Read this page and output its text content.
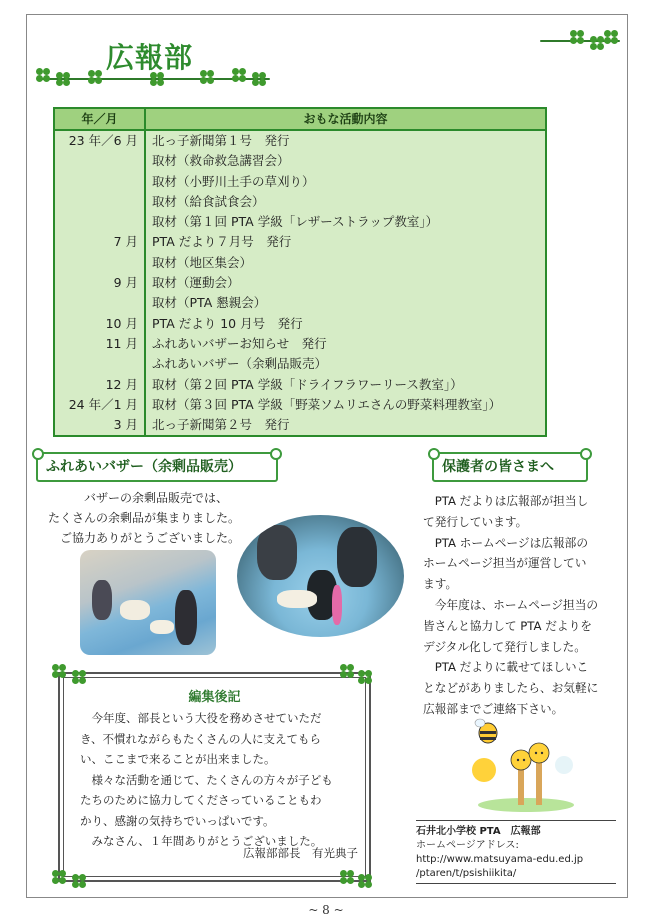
広報部
年／月	おもな活動内容
23 年／6 月	北っ子新聞第１号　発行
取材（救命救急講習会）
取材（小野川土手の草刈り）
取材（給食試食会）
取材（第１回 PTA 学級「レザーストラップ教室」）
7 月	PTA だより７月号　発行
取材（地区集会）
9 月	取材（運動会）
取材（PTA 懇親会）
10 月	PTA だより 10 月号　発行
11 月	ふれあいバザーお知らせ　発行
ふれあいバザー（余剰品販売）
12 月	取材（第２回 PTA 学級「ドライフラワーリース教室」）
24 年／1 月	取材（第３回 PTA 学級「野菜ソムリエさんの野菜料理教室」）
3 月	北っ子新聞第２号　発行
ふれあいバザー（余剰品販売）
バザーの余剰品販売では、
たくさんの余剰品が集まりました。
ご協力ありがとうございました。
編集後記
　今年度、部長という大役を務めさせていただ
き、不慣れながらもたくさんの人に支えてもら
い、ここまで来ることが出来ました。
　様々な活動を通じて、たくさんの方々が子ども
たちのために協力してくださっていることもわ
かり、感謝の気持ちでいっぱいです。
　みなさん、１年間ありがとうございました。
広報部部長　有光典子
保護者の皆さまへ
　PTA だよりは広報部が担当し
て発行しています。
　PTA ホームページは広報部の
ホームページ担当が運営してい
ます。
　今年度は、ホームページ担当の
皆さんと協力して PTA だよりを
デジタル化して発行しました。
　PTA だよりに載せてほしいこ
となどがありましたら、お気軽に
広報部までご連絡下さい。
石井北小学校 PTA　広報部
ホームページアドレス:
http://www.matsuyama-edu.ed.jp
/ptaren/t/psishiikita/
~ 8 ~
